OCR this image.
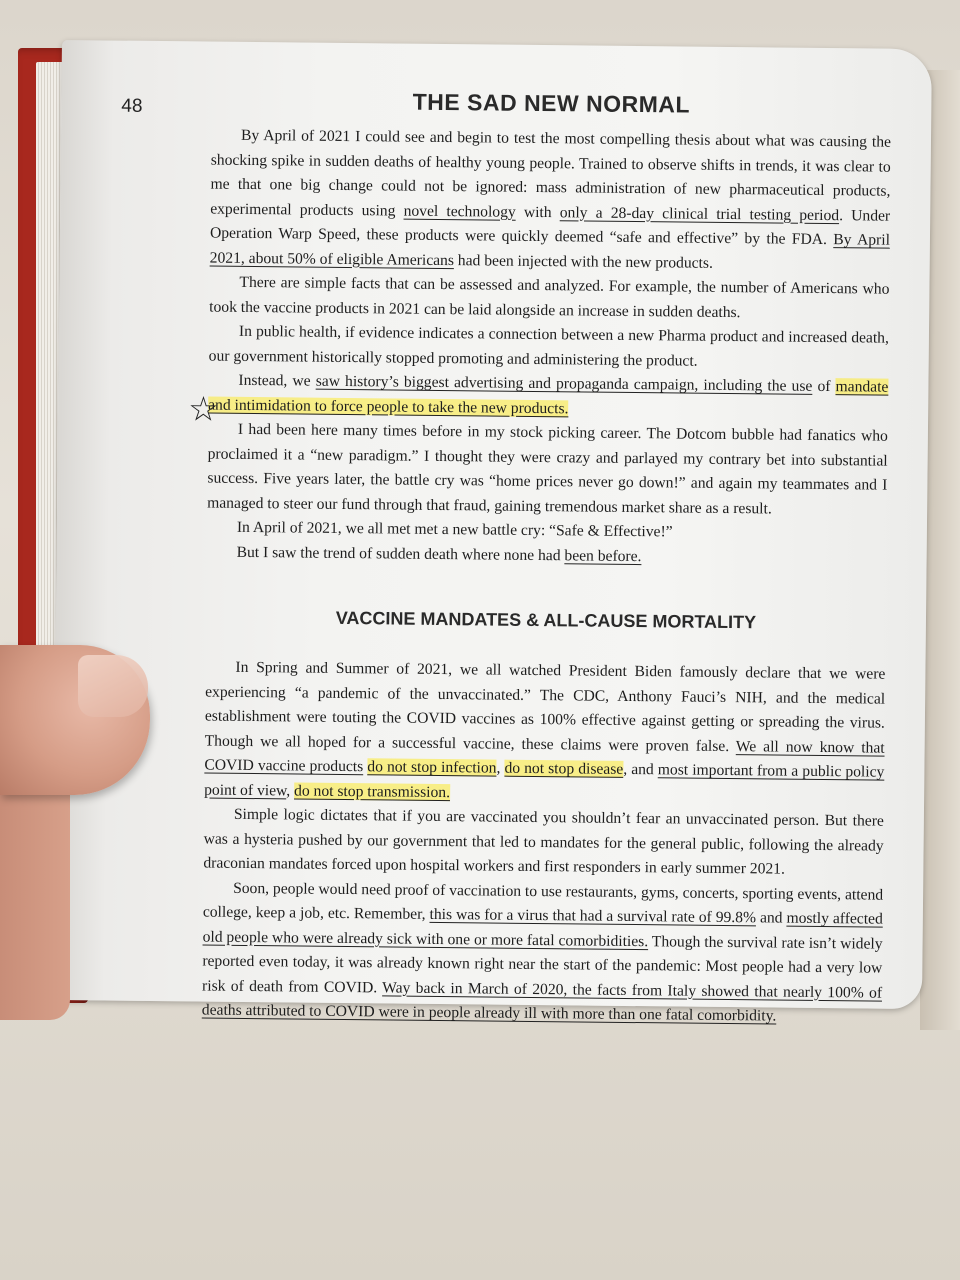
48	THE SAD NEW NORMAL

By April of 2021 I could see and begin to test the most compelling thesis about what was causing the shocking spike in sudden deaths of healthy young people. Trained to observe shifts in trends, it was clear to me that one big change could not be ignored: mass administration of new pharmaceutical products, experimental products using novel technology with only a 28-day clinical trial testing period. Under Operation Warp Speed, these products were quickly deemed “safe and effective” by the FDA. By April 2021, about 50% of eligible Americans had been injected with the new products.

There are simple facts that can be assessed and analyzed. For example, the number of Americans who took the vaccine products in 2021 can be laid alongside an increase in sudden deaths.

In public health, if evidence indicates a connection between a new Pharma product and increased death, our government historically stopped promoting and administering the product.

☆
Instead, we saw history’s biggest advertising and propaganda campaign, including the use of mandate and intimidation to force people to take the new products.

I had been here many times before in my stock picking career. The Dotcom bubble had fanatics who proclaimed it a “new paradigm.” I thought they were crazy and parlayed my contrary bet into substantial success. Five years later, the battle cry was “home prices never go down!” and again my teammates and I managed to steer our fund through that fraud, gaining tremendous market share as a result.

In April of 2021, we all met met a new battle cry: “Safe & Effective!”

But I saw the trend of sudden death where none had been before.

VACCINE MANDATES & ALL-CAUSE MORTALITY

In Spring and Summer of 2021, we all watched President Biden famously declare that we were experiencing “a pandemic of the unvaccinated.” The CDC, Anthony Fauci’s NIH, and the medical establishment were touting the COVID vaccines as 100% effective against getting or spreading the virus. Though we all hoped for a successful vaccine, these claims were proven false. We all now know that COVID vaccine products do not stop infection, do not stop disease, and most important from a public policy point of view, do not stop transmission.

Simple logic dictates that if you are vaccinated you shouldn’t fear an unvaccinated person. But there was a hysteria pushed by our government that led to mandates for the general public, following the already draconian mandates forced upon hospital workers and first responders in early summer 2021.

Soon, people would need proof of vaccination to use restaurants, gyms, concerts, sporting events, attend college, keep a job, etc. Remember, this was for a virus that had a survival rate of 99.8% and mostly affected old people who were already sick with one or more fatal comorbidities. Though the survival rate isn’t widely reported even today, it was already known right near the start of the pandemic: Most people had a very low risk of death from COVID. Way back in March of 2020, the facts from Italy showed that nearly 100% of deaths attributed to COVID were in people already ill with more than one fatal comorbidity.
